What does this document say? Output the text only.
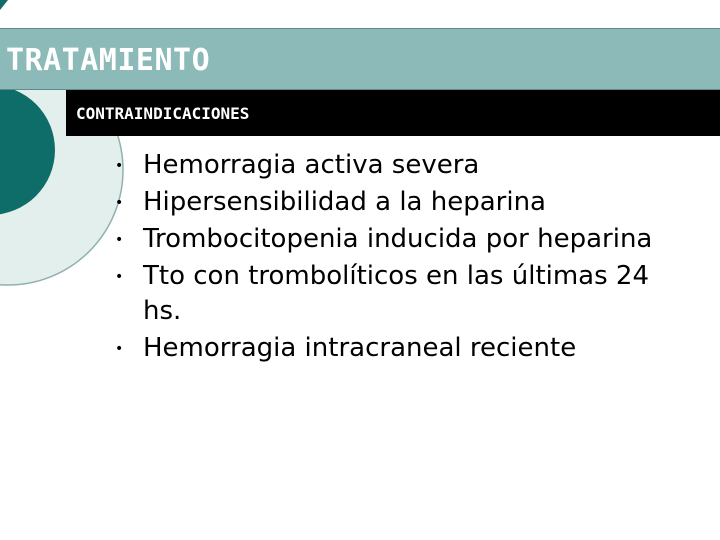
TRATAMIENTO
CONTRAINDICACIONES
• Hemorragia activa severa
• Hipersensibilidad a la heparina
• Trombocitopenia inducida por heparina
• Tto con trombolíticos en las últimas 24 hs.
• Hemorragia intracraneal reciente
